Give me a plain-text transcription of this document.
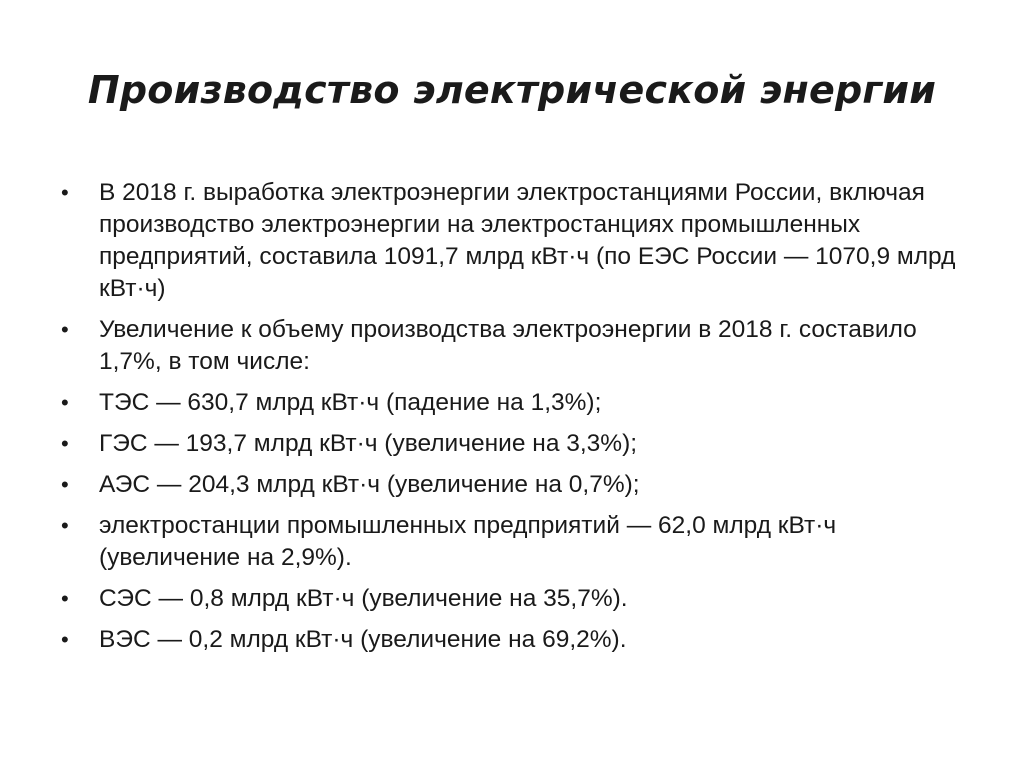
Производство электрической энергии
•	В 2018 г. выработка электроэнергии электростанциями России, включая производство электроэнергии на электростанциях промышленных предприятий, составила 1091,7 млрд кВт·ч (по ЕЭС России — 1070,9 млрд кВт·ч)
•	Увеличение к объему производства электроэнергии в 2018 г. составило 1,7%, в том числе:
•	ТЭС — 630,7 млрд кВт·ч (падение на 1,3%);
•	ГЭС — 193,7 млрд кВт·ч (увеличение на 3,3%);
•	АЭС — 204,3 млрд кВт·ч (увеличение на 0,7%);
•	электростанции промышленных предприятий — 62,0 млрд кВт·ч (увеличение на 2,9%).
•	СЭС — 0,8 млрд кВт·ч (увеличение на 35,7%).
•	ВЭС — 0,2 млрд кВт·ч (увеличение на 69,2%).
